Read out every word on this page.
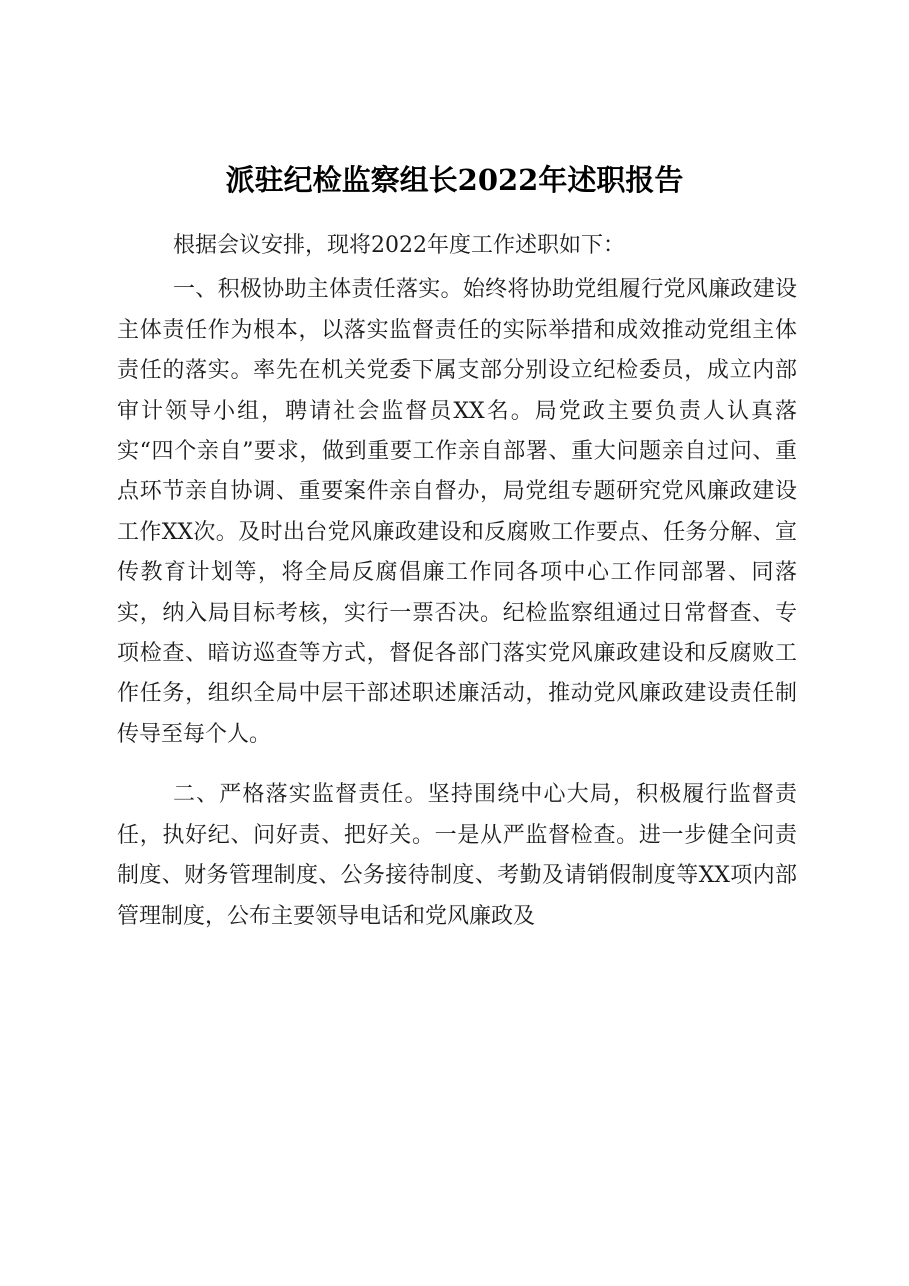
派驻纪检监察组长2022年述职报告

根据会议安排，现将2022年度工作述职如下：

一、积极协助主体责任落实。始终将协助党组履行党风廉政建设主体责任作为根本，以落实监督责任的实际举措和成效推动党组主体责任的落实。率先在机关党委下属支部分别设立纪检委员，成立内部审计领导小组，聘请社会监督员XX名。局党政主要负责人认真落实“四个亲自”要求，做到重要工作亲自部署、重大问题亲自过问、重点环节亲自协调、重要案件亲自督办，局党组专题研究党风廉政建设工作XX次。及时出台党风廉政建设和反腐败工作要点、任务分解、宣传教育计划等，将全局反腐倡廉工作同各项中心工作同部署、同落实，纳入局目标考核，实行一票否决。纪检监察组通过日常督查、专项检查、暗访巡查等方式，督促各部门落实党风廉政建设和反腐败工作任务，组织全局中层干部述职述廉活动，推动党风廉政建设责任制传导至每个人。

二、严格落实监督责任。坚持围绕中心大局，积极履行监督责任，执好纪、问好责、把好关。一是从严监督检查。进一步健全问责制度、财务管理制度、公务接待制度、考勤及请销假制度等XX项内部管理制度，公布主要领导电话和党风廉政及
